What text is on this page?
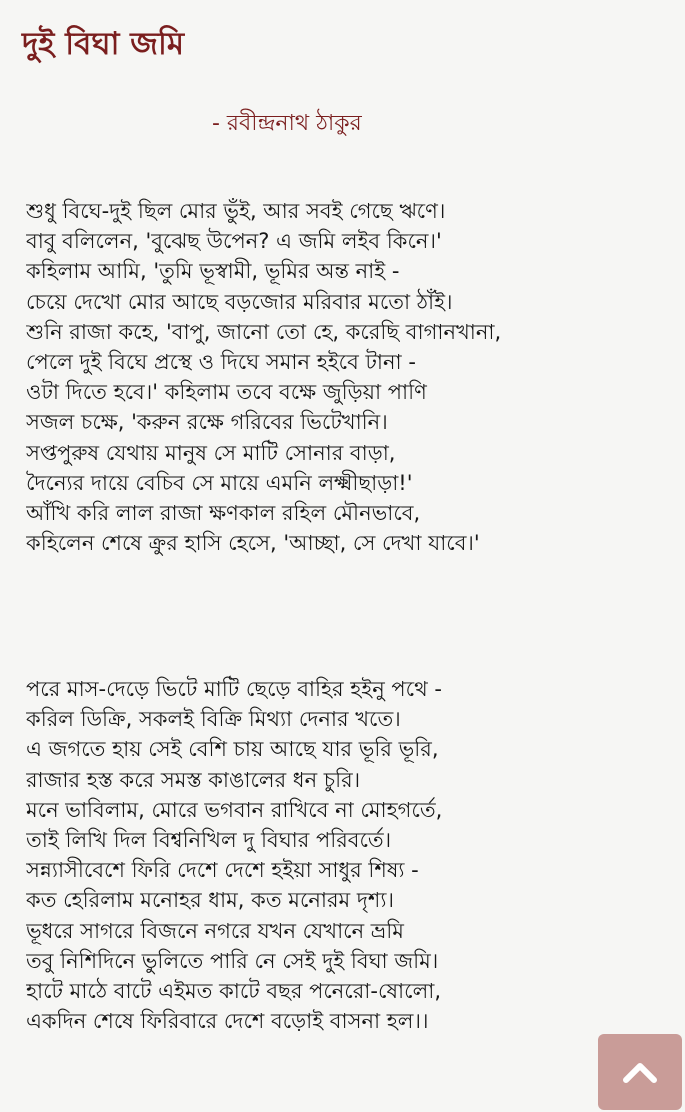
দুই বিঘা জমি
- রবীন্দ্রনাথ ঠাকুর
শুধু বিঘে-দুই ছিল মোর ভুঁই, আর সবই গেছে ঋণে।
বাবু বলিলেন, 'বুঝেছ উপেন? এ জমি লইব কিনে।'
কহিলাম আমি, 'তুমি ভূস্বামী, ভূমির অন্ত নাই -
চেয়ে দেখো মোর আছে বড়জোর মরিবার মতো ঠাঁই।
শুনি রাজা কহে, 'বাপু, জানো তো হে, করেছি বাগানখানা,
পেলে দুই বিঘে প্রস্থে ও দিঘে সমান হইবে টানা -
ওটা দিতে হবে।' কহিলাম তবে বক্ষে জুড়িয়া পাণি
সজল চক্ষে, 'করুন রক্ষে গরিবের ভিটেখানি।
সপ্তপুরুষ যেথায় মানুষ সে মাটি সোনার বাড়া,
দৈন্যের দায়ে বেচিব সে মায়ে এমনি লক্ষ্মীছাড়া!'
আঁখি করি লাল রাজা ক্ষণকাল রহিল মৌনভাবে,
কহিলেন শেষে ক্রুর হাসি হেসে, 'আচ্ছা, সে দেখা যাবে।'
পরে মাস-দেড়ে ভিটে মাটি ছেড়ে বাহির হইনু পথে -
করিল ডিক্রি, সকলই বিক্রি মিথ্যা দেনার খতে।
এ জগতে হায় সেই বেশি চায় আছে যার ভূরি ভূরি,
রাজার হস্ত করে সমস্ত কাঙালের ধন চুরি।
মনে ভাবিলাম, মোরে ভগবান রাখিবে না মোহগর্তে,
তাই লিখি দিল বিশ্বনিখিল দু বিঘার পরিবর্তে।
সন্ন্যাসীবেশে ফিরি দেশে দেশে হইয়া সাধুর শিষ্য -
কত হেরিলাম মনোহর ধাম, কত মনোরম দৃশ্য।
ভূধরে সাগরে বিজনে নগরে যখন যেখানে ভ্রমি
তবু নিশিদিনে ভুলিতে পারি নে সেই দুই বিঘা জমি।
হাটে মাঠে বাটে এইমত কাটে বছর পনেরো-ষোলো,
একদিন শেষে ফিরিবারে দেশে বড়োই বাসনা হল।।
